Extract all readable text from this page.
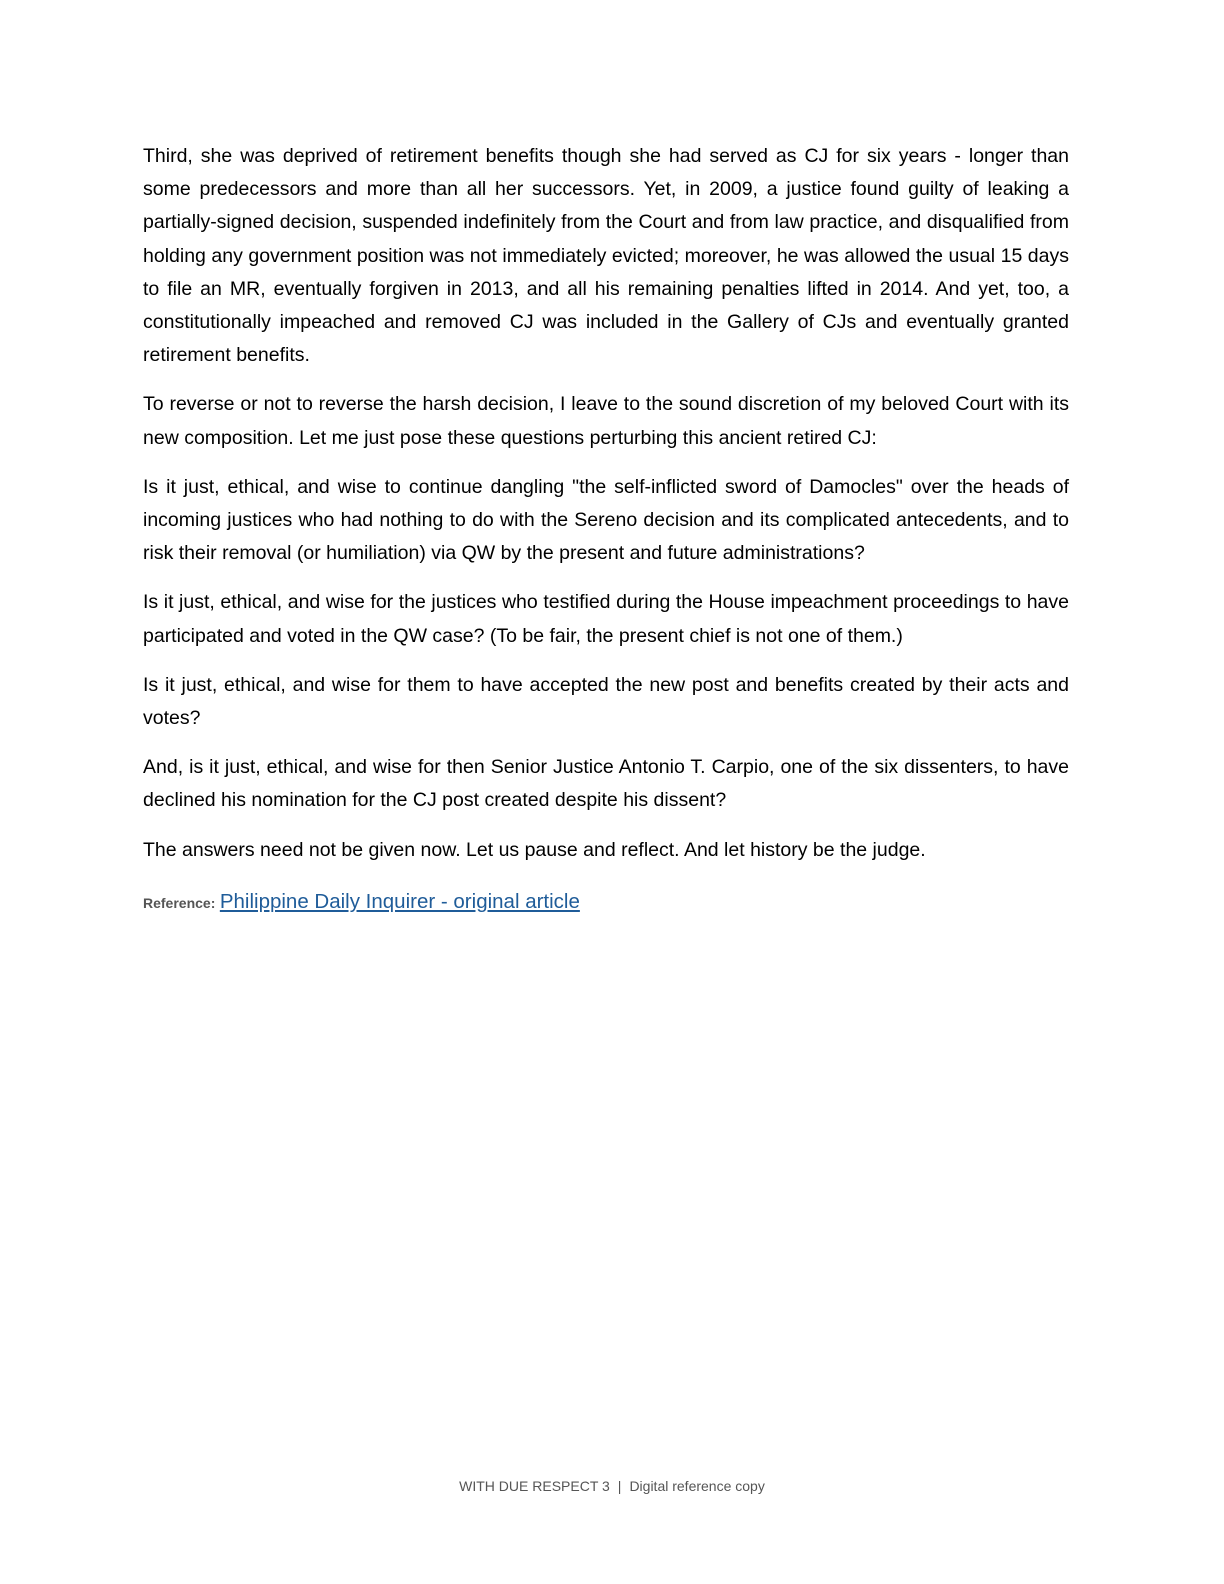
Third, she was deprived of retirement benefits though she had served as CJ for six years - longer than some predecessors and more than all her successors. Yet, in 2009, a justice found guilty of leaking a partially-signed decision, suspended indefinitely from the Court and from law practice, and disqualified from holding any government position was not immediately evicted; moreover, he was allowed the usual 15 days to file an MR, eventually forgiven in 2013, and all his remaining penalties lifted in 2014. And yet, too, a constitutionally impeached and removed CJ was included in the Gallery of CJs and eventually granted retirement benefits.

To reverse or not to reverse the harsh decision, I leave to the sound discretion of my beloved Court with its new composition. Let me just pose these questions perturbing this ancient retired CJ:

Is it just, ethical, and wise to continue dangling "the self-inflicted sword of Damocles" over the heads of incoming justices who had nothing to do with the Sereno decision and its complicated antecedents, and to risk their removal (or humiliation) via QW by the present and future administrations?

Is it just, ethical, and wise for the justices who testified during the House impeachment proceedings to have participated and voted in the QW case? (To be fair, the present chief is not one of them.)

Is it just, ethical, and wise for them to have accepted the new post and benefits created by their acts and votes?

And, is it just, ethical, and wise for then Senior Justice Antonio T. Carpio, one of the six dissenters, to have declined his nomination for the CJ post created despite his dissent?

The answers need not be given now. Let us pause and reflect. And let history be the judge.

Reference: Philippine Daily Inquirer - original article
WITH DUE RESPECT 3 | Digital reference copy
